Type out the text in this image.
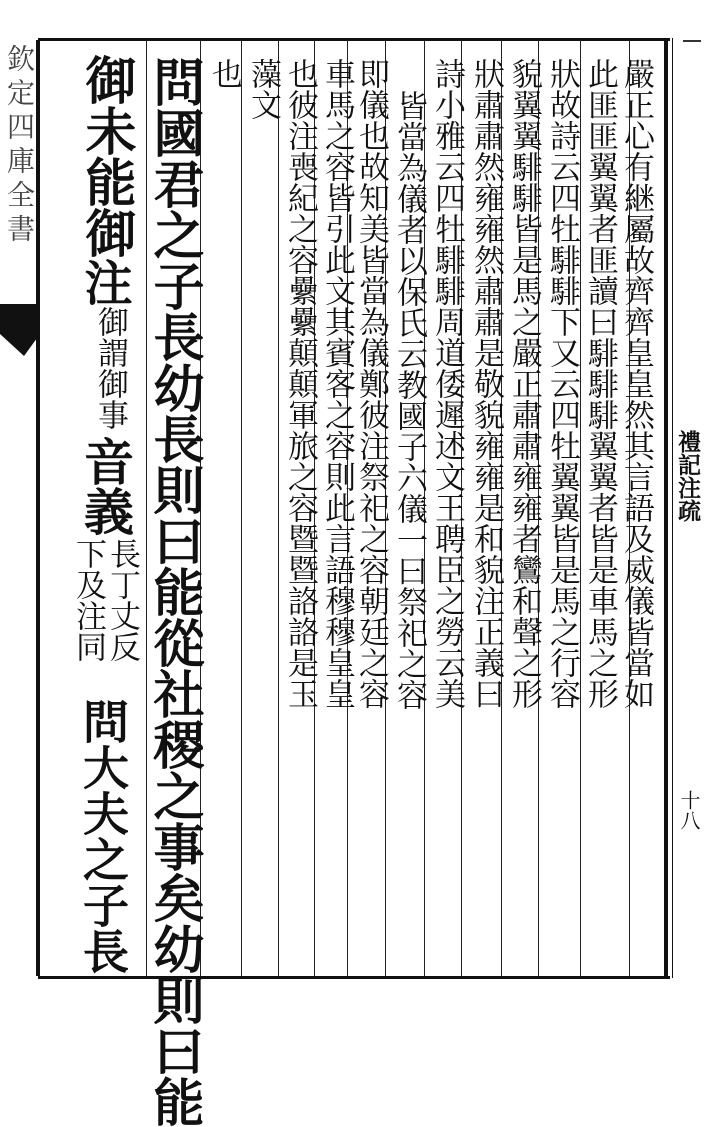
欽定四庫全書	嚴正心有継屬故齊齊皇皇然其言語及威儀皆當如
此匪匪翼翼者匪讀曰騑騑騑翼翼者皆是車馬之形
狀故詩云四牡騑騑下又云四牡翼翼皆是馬之行容
貌翼翼騑騑皆是馬之嚴正肅肅雍雍者鸞和聲之形
狀肅肅然雍雍然肅肅是敬貌雍雍是和貌注正義曰
詩小雅云四牡騑騑周道倭遲述文王聘臣之勞云美
皆當為儀者以保氏云教國子六儀一曰祭祀之容
即儀也故知美皆當為儀鄭彼注祭祀之容朝廷之容
車馬之容皆引此文其賓客之容則此言語穆穆皇皇
也彼注喪紀之容纍纍顛顛軍旅之容暨暨詻詻是玉
藻文
也
問國君之子長幼長則曰能從社稷之事矣幼則曰能
御未能御
注
御謂御事
音義
長丁丈反
下及注同
問大夫之子長
禮記注疏
十八
